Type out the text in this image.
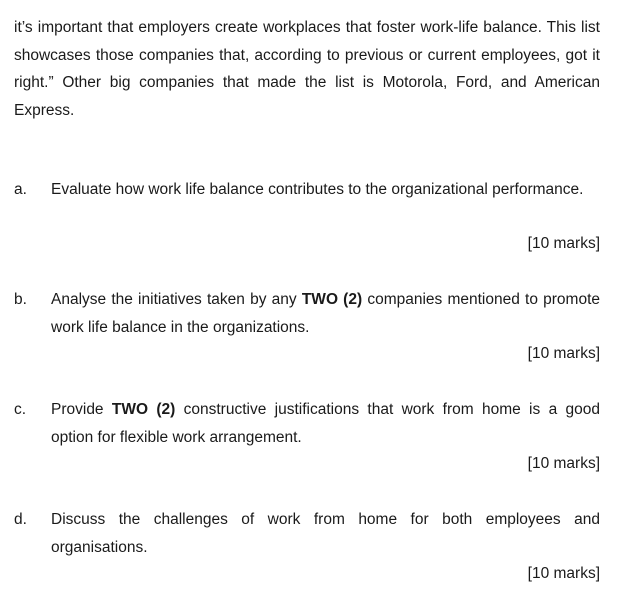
it’s important that employers create workplaces that foster work-life balance. This list showcases those companies that, according to previous or current employees, got it right.” Other big companies that made the list is Motorola, Ford, and American Express.

a. Evaluate how work life balance contributes to the organizational performance.

[10 marks]
b. Analyse the initiatives taken by any TWO (2) companies mentioned to promote work life balance in the organizations.

[10 marks]
c. Provide TWO (2) constructive justifications that work from home is a good option for flexible work arrangement.

[10 marks]
d. Discuss the challenges of work from home for both employees and organisations.

[10 marks]
